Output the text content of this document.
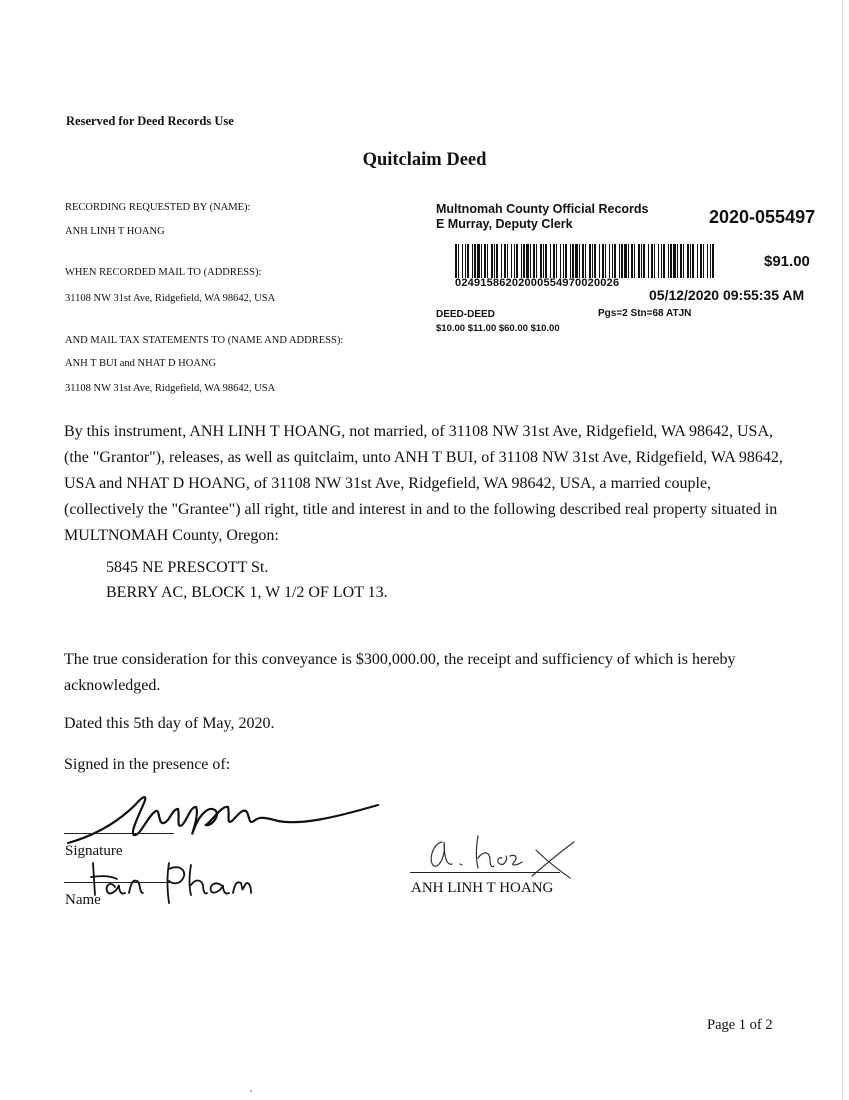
Reserved for Deed Records Use
Quitclaim Deed
RECORDING REQUESTED BY (NAME):
ANH LINH T HOANG
WHEN RECORDED MAIL TO (ADDRESS):
31108 NW 31st Ave, Ridgefield, WA 98642, USA
AND MAIL TAX STATEMENTS TO (NAME AND ADDRESS):
ANH T BUI and NHAT D HOANG
31108 NW 31st Ave, Ridgefield, WA 98642, USA
Multnomah County Official Records
E Murray, Deputy Clerk	2020-055497
02491586202000554970020026
$91.00
05/12/2020 09:55:35 AM
DEED-DEED	Pgs=2 Stn=68 ATJN
$10.00 $11.00 $60.00 $10.00
By this instrument, ANH LINH T HOANG, not married, of 31108 NW 31st Ave, Ridgefield, WA 98642, USA, (the "Grantor"), releases, as well as quitclaim, unto ANH T BUI, of 31108 NW 31st Ave, Ridgefield, WA 98642, USA and NHAT D HOANG, of 31108 NW 31st Ave, Ridgefield, WA 98642, USA, a married couple, (collectively the "Grantee") all right, title and interest in and to the following described real property situated in MULTNOMAH County, Oregon:
5845 NE PRESCOTT St.
BERRY AC, BLOCK 1, W 1/2 OF LOT 13.
The true consideration for this conveyance is $300,000.00, the receipt and sufficiency of which is hereby acknowledged.
Dated this 5th day of May, 2020.
Signed in the presence of:
Signature
Name
ANH LINH T HOANG
Page 1 of 2
